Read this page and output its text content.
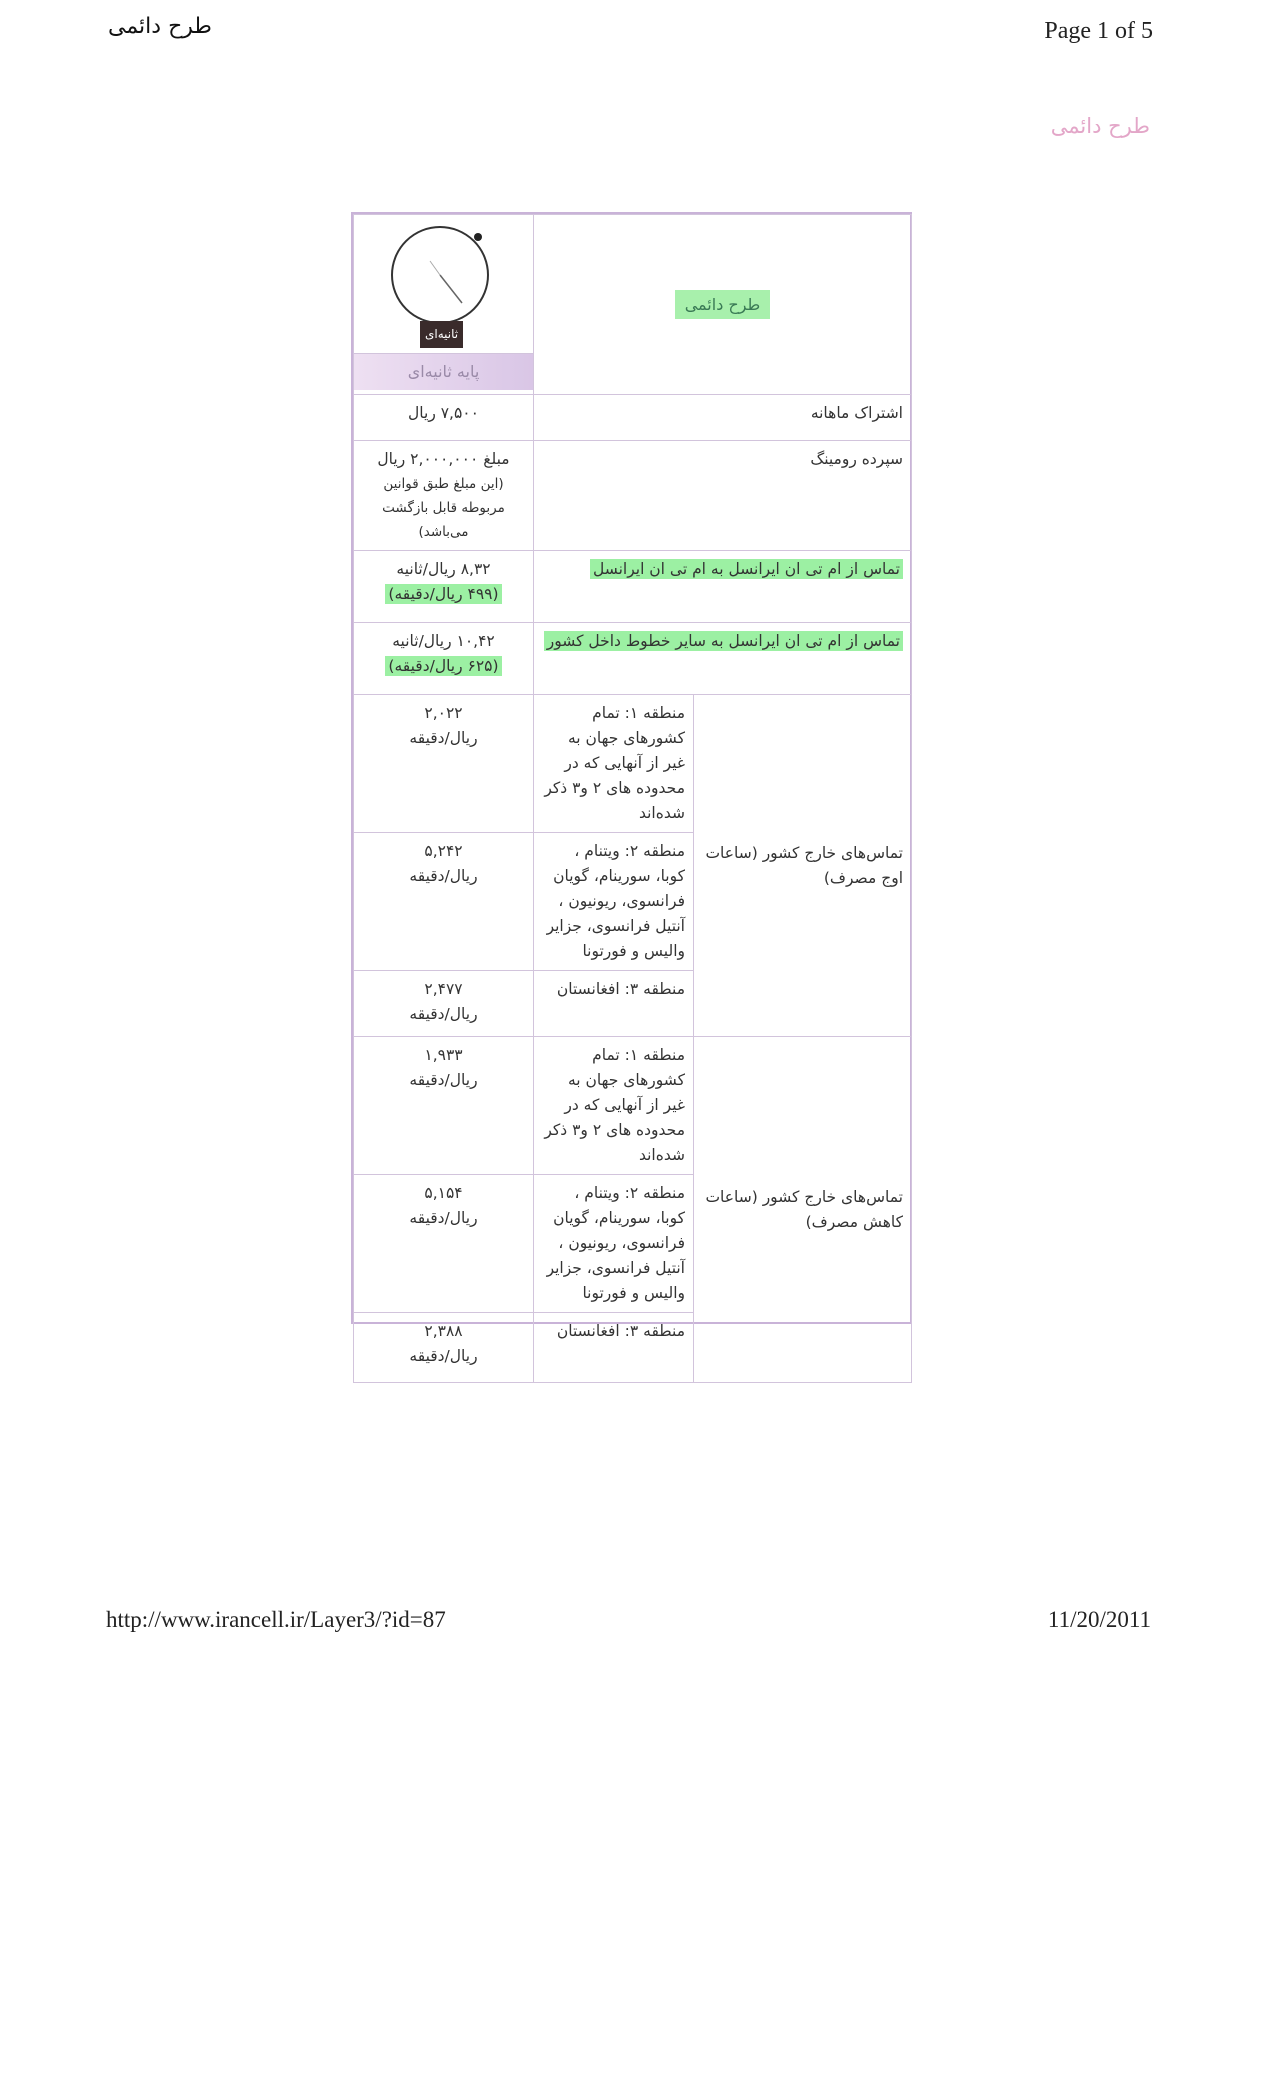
طرح دائمی	Page 1 of 5
طرح دائمی
طرح دائمی		ثانیه‌ای
پایه ثانیه‌ای

اشتراک ماهانه		۷,۵۰۰ ریال
سپرده رومینگ		مبلغ ۲,۰۰۰,۰۰۰ ریال
(این مبلغ طبق قوانین مربوطه قابل بازگشت می‌باشد)

تماس از ام تی ان ایرانسل به ام تی ان ایرانسل		۸,۳۲ ریال/ثانیه
(۴۹۹ ریال/دقیقه)

تماس از ام تی ان ایرانسل به سایر خطوط داخل کشور		۱۰,۴۲ ریال/ثانیه
(۶۲۵ ریال/دقیقه)

تماس‌های خارج کشور (ساعات اوج مصرف)	منطقه ۱: تمام کشورهای جهان به غیر از آنهایی که در محدوده های ۲ و۳ ذکر شده‌اند	۲,۰۲۲
ریال/دقیقه

	منطقه ۲: ویتنام ، کوبا، سورینام، گویان فرانسوی، ریونیون ، آنتیل فرانسوی، جزایر والیس و فورتونا	۵,۲۴۲
ریال/دقیقه

	منطقه ۳: افغانستان	۲,۴۷۷
ریال/دقیقه

تماس‌های خارج کشور (ساعات کاهش مصرف)	منطقه ۱: تمام کشورهای جهان به غیر از آنهایی که در محدوده های ۲ و۳ ذکر شده‌اند	۱,۹۳۳
ریال/دقیقه

	منطقه ۲: ویتنام ، کوبا، سورینام، گویان فرانسوی، ریونیون ، آنتیل فرانسوی، جزایر والیس و فورتونا	۵,۱۵۴
ریال/دقیقه

	منطقه ۳: افغانستان	۲,۳۸۸
ریال/دقیقه
http://www.irancell.ir/Layer3/?id=87	11/20/2011
